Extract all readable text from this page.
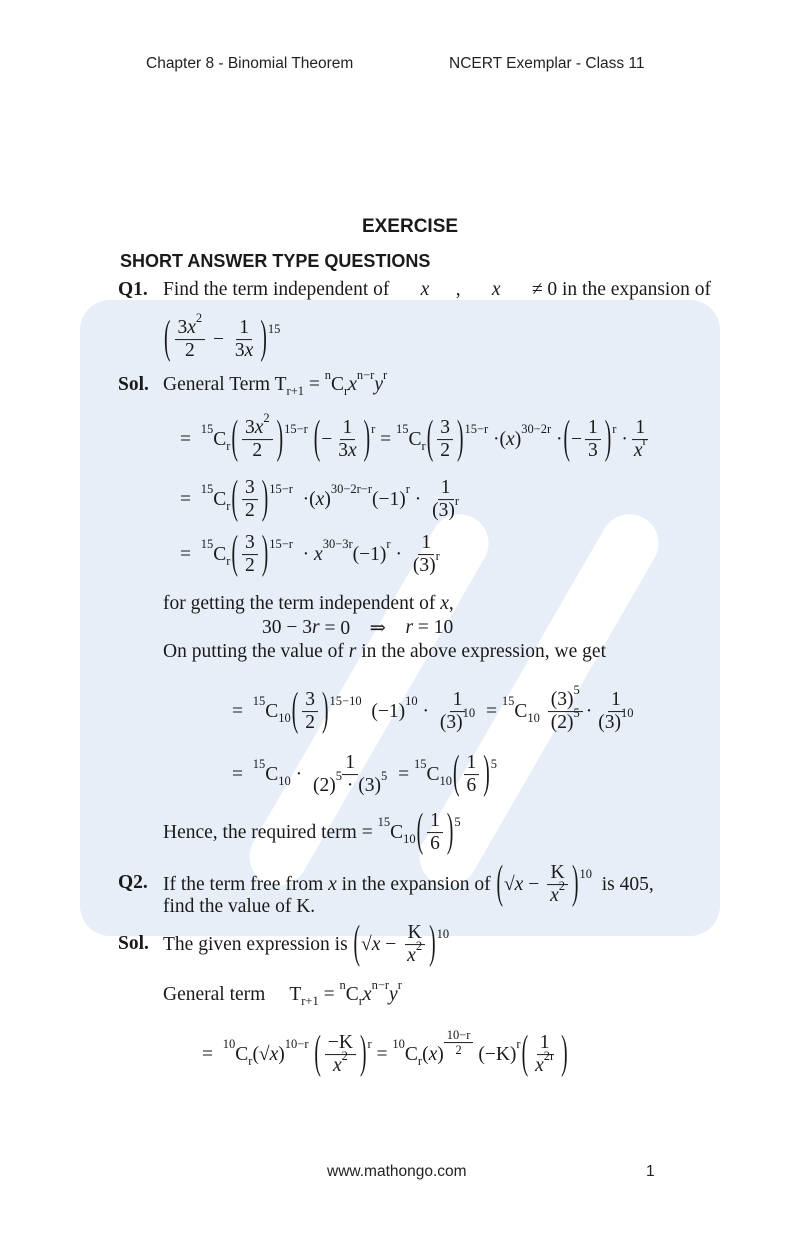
Chapter 8 - Binomial Theorem	NCERT Exemplar - Class 11
EXERCISE
SHORT ANSWER TYPE QUESTIONS
Q1.
Sol.
Q2.
Sol.
Find the term independent of x , x ≠ 0 in the expansion of
( $\frac{3 x 2}{2} - \frac{1}{3 x}$ ) 15
General Term T r+1 = n C r x n−r y r
= 15 C r ( $\frac{3 x 2}{2}$ ) 15−r
( − $\frac{1}{3 x}$ ) r = 15 C r ( $\frac{3}{2}$ ) 15−r ·( x ) 30−2r · ( − $\frac{1}{3}$ ) $r \cdot \frac{1}{\text{x r}}$
= 15 C r ( $\frac{3}{2}$ ) 15−r ·( x ) 30−2r−r (−1) $r \cdot \frac{1}{(3) r}$
= 15 C r ( $\frac{3}{2}$ ) 15−r · x 30−3r (−1) $r \cdot \frac{1}{(3) r}$
for getting the term independent of x ,
30 − 3 r = 0    ⇒ r = 10
On putting the value of r in the above expression, we get
= 15 C 10 ( $\frac{3}{2}$ ) 15−10 (−1) $10 \cdot \frac{1}{(3) 10} = 15$ C 10
$\frac{(3) 5}{(2) 5} \cdot \frac{1}{(3) 10}$
= 15 C $10 \cdot \frac{1}{(2) 5 \cdot (3) 5} = 15$ C 10 ( $\frac{1}{6}$ ) 5
Hence, the required term = 15 C 10 ( $\frac{1}{6}$ ) 5
If the term free from x in the expansion of ( √ $x - \frac{K}{x 2}$ ) 10 is 405,
find the value of K.
The given expression is ( √ $x - \frac{K}{x 2}$ ) 10
General term     T r+1 = n C r x n−r y r
= 10 C r (√ x ) 10−r
( $\frac{-K}{x 2}$ ) r = 10 C r ( x ) $\frac{10-r}{2} (-K)$ r ( $\frac{1}{x 2r}$ )
www.mathongo.com	1
